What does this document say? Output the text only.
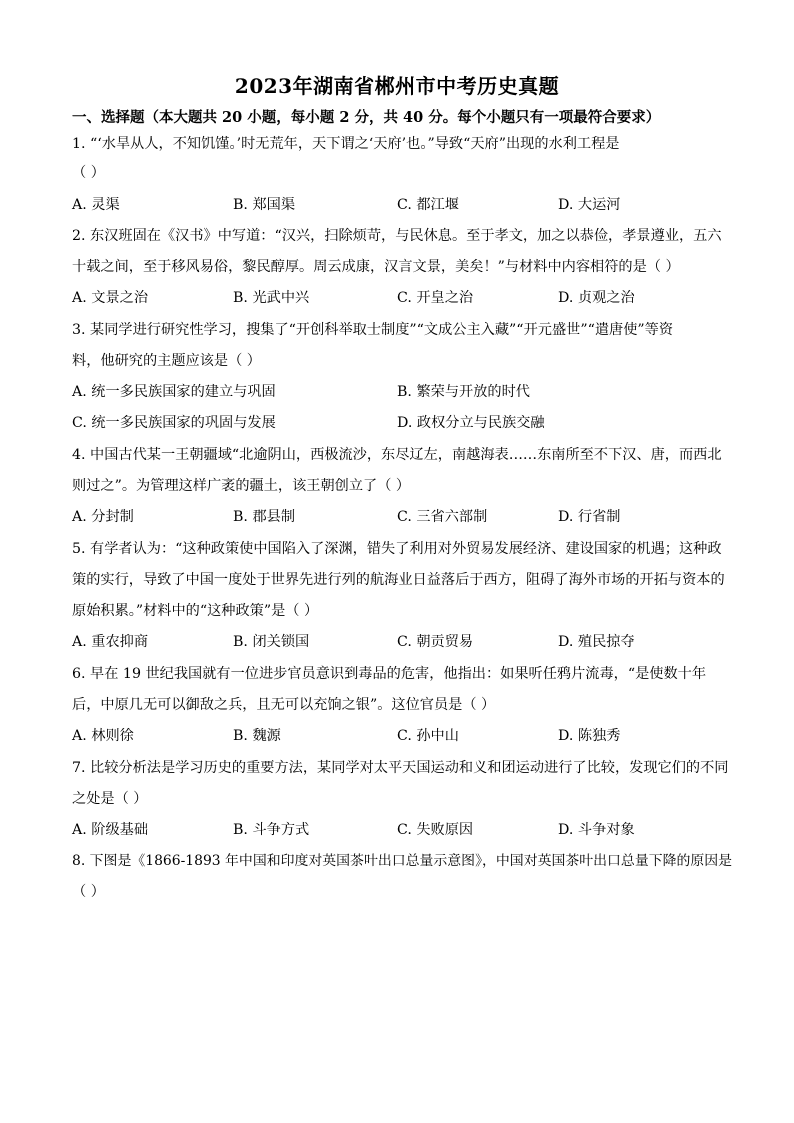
2023年湖南省郴州市中考历史真题
一、选择题（本大题共 20 小题，每小题 2 分，共 40 分。每个小题只有一项最符合要求）
1. “‘水旱从人，不知饥馑。’时无荒年，天下谓之‘天府’也。”导致“天府”出现的水利工程是
（ ）
A. 灵渠	B. 郑国渠	C. 都江堰	D. 大运河
2. 东汉班固在《汉书》中写道：“汉兴，扫除烦苛，与民休息。至于孝文，加之以恭俭，孝景遵业，五六
十载之间，至于移风易俗，黎民醇厚。周云成康，汉言文景，美矣！”与材料中内容相符的是（ ）
A. 文景之治	B. 光武中兴	C. 开皇之治	D. 贞观之治
3. 某同学进行研究性学习，搜集了“开创科举取士制度”“文成公主入藏”“开元盛世”“遣唐使”等资
料，他研究的主题应该是（ ）
A. 统一多民族国家的建立与巩固	B. 繁荣与开放的时代
C. 统一多民族国家的巩固与发展	D. 政权分立与民族交融
4. 中国古代某一王朝疆域“北逾阴山，西极流沙，东尽辽左，南越海表……东南所至不下汉、唐，而西北
则过之”。为管理这样广袤的疆土，该王朝创立了（ ）
A. 分封制	B. 郡县制	C. 三省六部制	D. 行省制
5. 有学者认为：“这种政策使中国陷入了深渊，错失了利用对外贸易发展经济、建设国家的机遇；这种政
策的实行，导致了中国一度处于世界先进行列的航海业日益落后于西方，阻碍了海外市场的开拓与资本的
原始积累。”材料中的“这种政策”是（ ）
A. 重农抑商	B. 闭关锁国	C. 朝贡贸易	D. 殖民掠夺
6. 早在 19 世纪我国就有一位进步官员意识到毒品的危害，他指出：如果听任鸦片流毒，“是使数十年
后，中原几无可以御敌之兵，且无可以充饷之银”。这位官员是（ ）
A. 林则徐	B. 魏源	C. 孙中山	D. 陈独秀
7. 比较分析法是学习历史的重要方法，某同学对太平天国运动和义和团运动进行了比较，发现它们的不同
之处是（ ）
A. 阶级基础	B. 斗争方式	C. 失败原因	D. 斗争对象
8. 下图是《1866-1893 年中国和印度对英国茶叶出口总量示意图》，中国对英国茶叶出口总量下降的原因是
（ ）
